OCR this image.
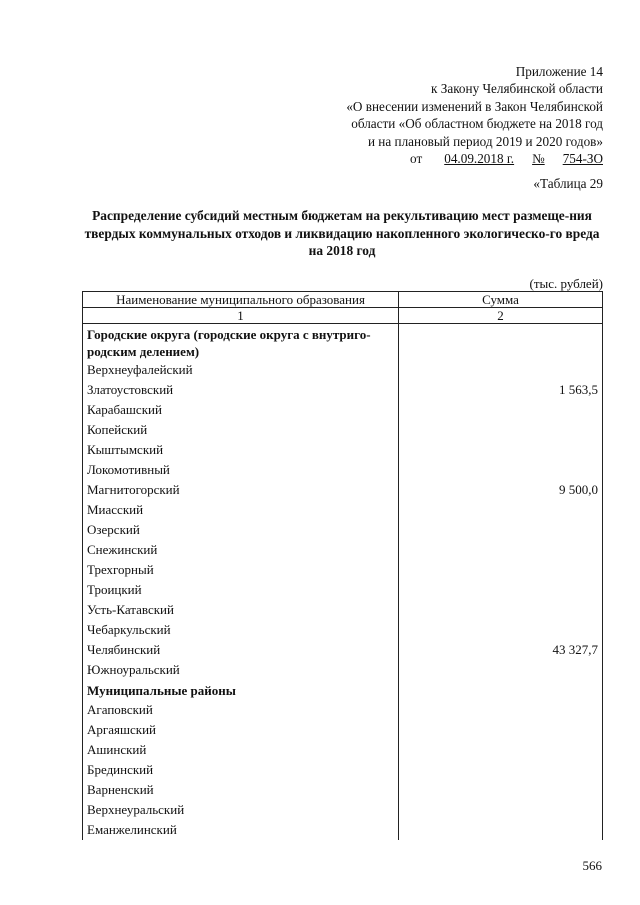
Приложение 14
к Закону Челябинской области
«О внесении изменений в Закон Челябинской
области «Об областном бюджете на 2018 год
и на плановый период 2019 и 2020 годов»
от 04.09.2018 г. № 754-ЗО
«Таблица 29
Распределение субсидий местным бюджетам на рекультивацию мест размеще-ния твердых коммунальных отходов и ликвидацию накопленного экологическо-го вреда на 2018 год
(тыс. рублей)
Наименование муниципального образования	Сумма
1	2
Городские округа (городские округа с внутриго-родским делением)	
Верхнеуфалейский	
Златоустовский	1 563,5
Карабашский	
Копейский	
Кыштымский	
Локомотивный	
Магнитогорский	9 500,0
Миасский	
Озерский	
Снежинский	
Трехгорный	
Троицкий	
Усть-Катавский	
Чебаркульский	
Челябинский	43 327,7
Южноуральский	
Муниципальные районы	
Агаповский	
Аргаяшский	
Ашинский	
Брединский	
Варненский	
Верхнеуральский	
Еманжелинский	
566
